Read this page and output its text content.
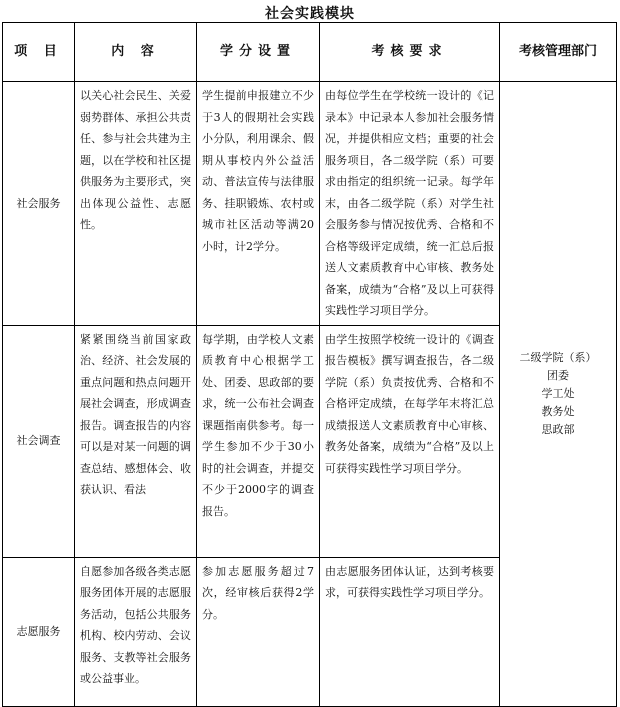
社会实践模块
项 目	内 容	学分设置	考核要求	考核管理部门
社会服务	以关心社会民生、关爱弱势群体、承担公共责任、参与社会共建为主题，以在学校和社区提供服务为主要形式，突出体现公益性、志愿性。	学生提前申报建立不少于3人的假期社会实践小分队，利用课余、假期从事校内外公益活动、普法宣传与法律服务、挂职锻炼、农村或城市社区活动等满20小时，计2学分。	由每位学生在学校统一设计的《记录本》中记录本人参加社会服务情况，并提供相应文档；重要的社会服务项目，各二级学院（系）可要求由指定的组织统一记录。每学年末，由各二级学院（系）对学生社会服务参与情况按优秀、合格和不合格等级评定成绩，统一汇总后报送人文素质教育中心审核、教务处备案，成绩为“合格”及以上可获得实践性学习项目学分。	二级学院（系）
团委
学工处
教务处
思政部

社会调查	紧紧围绕当前国家政治、经济、社会发展的重点问题和热点问题开展社会调查，形成调查报告。调查报告的内容可以是对某一问题的调查总结、感想体会、收获认识、看法	每学期，由学校人文素质教育中心根据学工处、团委、思政部的要求，统一公布社会调查课题指南供参考。每一学生参加不少于30小时的社会调查，并提交不少于2000字的调查报告。	由学生按照学校统一设计的《调查报告模板》撰写调查报告，各二级学院（系）负责按优秀、合格和不合格评定成绩，在每学年末将汇总成绩报送人文素质教育中心审核、教务处备案，成绩为“合格”及以上可获得实践性学习项目学分。	
志愿服务	自愿参加各级各类志愿服务团体开展的志愿服务活动，包括公共服务机构、校内劳动、会议服务、支教等社会服务或公益事业。	参加志愿服务超过7次，经审核后获得2学分。	由志愿服务团体认证，达到考核要求，可获得实践性学习项目学分。	
